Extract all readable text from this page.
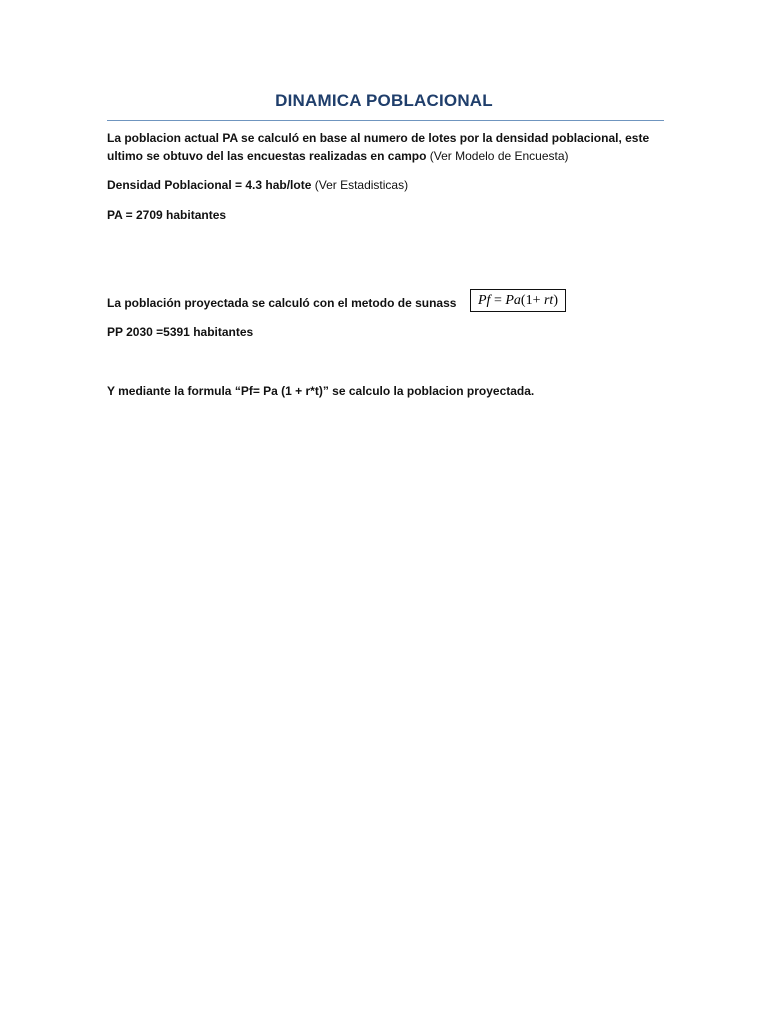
DINAMICA POBLACIONAL
La poblacion actual PA se calculó en base al numero de lotes por la densidad poblacional, este
ultimo se obtuvo del las encuestas realizadas en campo (Ver Modelo de Encuesta)
Densidad Poblacional = 4.3 hab/lote (Ver Estadisticas)
PA = 2709 habitantes
La población proyectada se calculó con el metodo de sunass	Pf = Pa(1+ rt)
PP 2030 =5391 habitantes
Y mediante la formula “Pf= Pa (1 + r*t)” se calculo la poblacion proyectada.
